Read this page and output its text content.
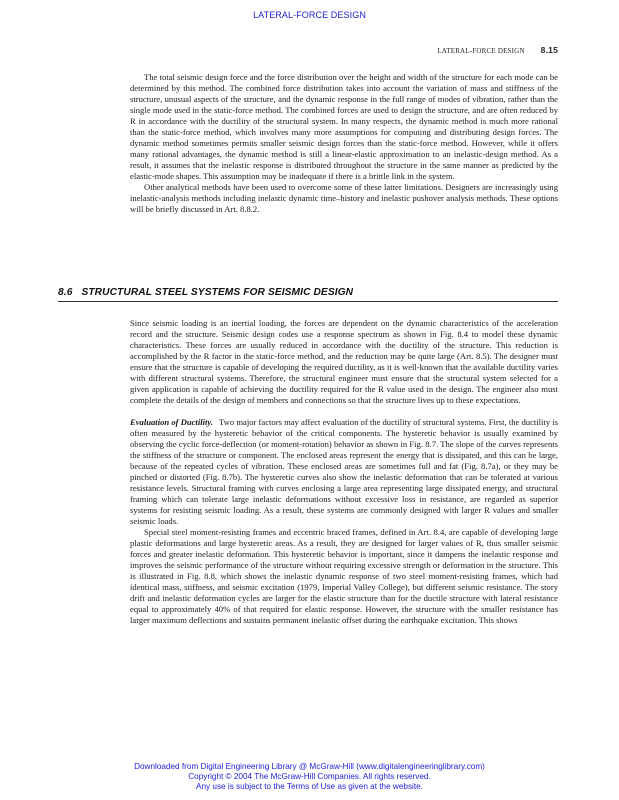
LATERAL-FORCE DESIGN
LATERAL-FORCE DESIGN 8.15

The total seismic design force and the force distribution over the height and width of the structure for each mode can be determined by this method. The combined force distribution takes into account the variation of mass and stiffness of the structure, unusual aspects of the structure, and the dynamic response in the full range of modes of vibration, rather than the single mode used in the static-force method. The combined forces are used to design the structure, and are often reduced by R in accordance with the ductility of the structural system. In many respects, the dynamic method is much more rational than the static-force method, which involves many more assumptions for computing and distributing design forces. The dynamic method sometimes permits smaller seismic design forces than the static-force method. However, while it offers many rational advantages, the dynamic method is still a linear-elastic approximation to an inelastic-design method. As a result, it assumes that the inelastic response is distributed throughout the structure in the same manner as predicted by the elastic-mode shapes. This assumption may be inadequate if there is a brittle link in the system.

Other analytical methods have been used to overcome some of these latter limitations. Designers are increasingly using inelastic-analysis methods including inelastic dynamic time–history and inelastic pushover analysis methods. These options will be briefly discussed in Art. 8.8.2.

8.6 STRUCTURAL STEEL SYSTEMS FOR SEISMIC DESIGN

Since seismic loading is an inertial loading, the forces are dependent on the dynamic characteristics of the acceleration record and the structure. Seismic design codes use a response spectrum as shown in Fig. 8.4 to model these dynamic characteristics. These forces are usually reduced in accordance with the ductility of the structure. This reduction is accomplished by the R factor in the static-force method, and the reduction may be quite large (Art. 8.5). The designer must ensure that the structure is capable of developing the required ductility, as it is well-known that the available ductility varies with different structural systems. Therefore, the structural engineer must ensure that the structural system selected for a given application is capable of achieving the ductility required for the R value used in the design. The engineer also must complete the details of the design of members and connections so that the structure lives up to these expectations.

Evaluation of Ductility. Two major factors may affect evaluation of the ductility of structural systems. First, the ductility is often measured by the hysteretic behavior of the critical components. The hysteretic behavior is usually examined by observing the cyclic force-deflection (or moment-rotation) behavior as shown in Fig. 8.7. The slope of the curves represents the stiffness of the structure or component. The enclosed areas represent the energy that is dissipated, and this can be large, because of the repeated cycles of vibration. These enclosed areas are sometimes full and fat (Fig. 8.7a), or they may be pinched or distorted (Fig. 8.7b). The hysteretic curves also show the inelastic deformation that can be tolerated at various resistance levels. Structural framing with curves enclosing a large area representing large dissipated energy, and structural framing which can tolerate large inelastic deformations without excessive loss in resistance, are regarded as superior systems for resisting seismic loading. As a result, these systems are commonly designed with larger R values and smaller seismic loads.

Special steel moment-resisting frames and eccentric braced frames, defined in Art. 8.4, are capable of developing large plastic deformations and large hysteretic areas. As a result, they are designed for larger values of R, thus smaller seismic forces and greater inelastic deformation. This hysteretic behavior is important, since it dampens the inelastic response and improves the seismic performance of the structure without requiring excessive strength or deformation in the structure. This is illustrated in Fig. 8.8, which shows the inelastic dynamic response of two steel moment-resisting frames, which had identical mass, stiffness, and seismic excitation (1979, Imperial Valley College), but different seismic resistance. The story drift and inelastic deformation cycles are larger for the elastic structure than for the ductile structure with lateral resistance equal to approximately 40% of that required for elastic response. However, the structure with the smaller resistance has larger maximum deflections and sustains permanent inelastic offset during the earthquake excitation. This shows

Downloaded from Digital Engineering Library @ McGraw-Hill (www.digitalengineeringlibrary.com)
Copyright © 2004 The McGraw-Hill Companies. All rights reserved.
Any use is subject to the Terms of Use as given at the website.
